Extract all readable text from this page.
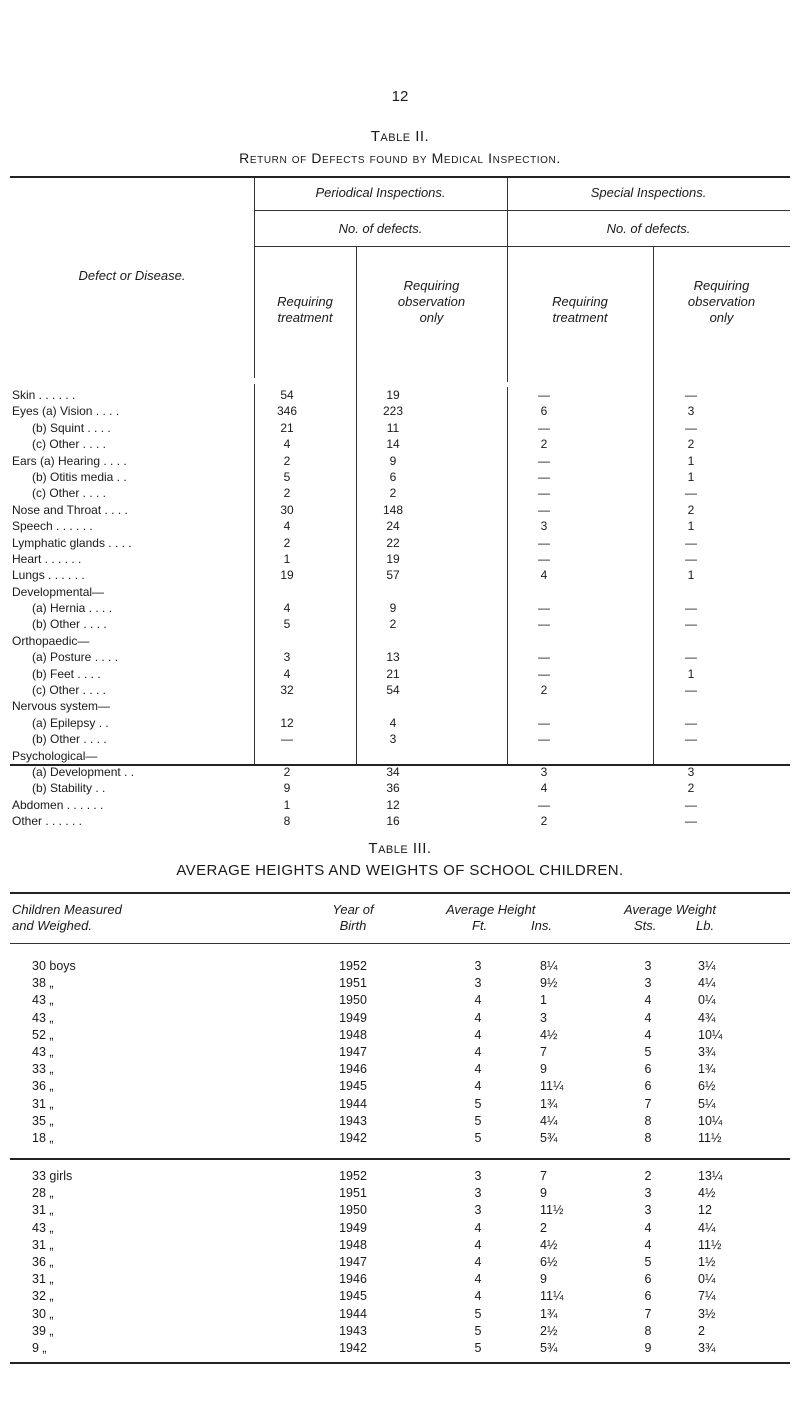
12
Table II.
Return of Defects found by Medical Inspection.
Defect or Disease.
Periodical Inspections.	Special Inspections.
No. of defects.	No. of defects.
Requiring
treatment
Requiring
observation
only
Requiring
treatment
Requiring
observation
only
Skin . . . . . .	54	19	—	—
Eyes (a) Vision . . . .	346	223	6	3
(b) Squint . . . .	21	11	—	—
(c) Other . . . .	4	14	2	2
Ears (a) Hearing . . . .	2	9	—	1
(b) Otitis media . .	5	6	—	1
(c) Other . . . .	2	2	—	—
Nose and Throat . . . .	30	148	—	2
Speech . . . . . .	4	24	3	1
Lymphatic glands . . . .	2	22	—	—
Heart . . . . . .	1	19	—	—
Lungs . . . . . .	19	57	4	1
Developmental—
(a) Hernia . . . .	4	9	—	—
(b) Other . . . .	5	2	—	—
Orthopaedic—
(a) Posture . . . .	3	13	—	—
(b) Feet . . . .	4	21	—	1
(c) Other . . . .	32	54	2	—
Nervous system—
(a) Epilepsy . .	12	4	—	—
(b) Other . . . .	—	3	—	—
Psychological—
(a) Development . .	2	34	3	3
(b) Stability . .	9	36	4	2
Abdomen . . . . . .	1	12	—	—
Other . . . . . .	8	16	2	—
Table III.
AVERAGE HEIGHTS AND WEIGHTS OF SCHOOL CHILDREN.
Children Measured
and Weighed.
Year of
Birth
Average Height
Ft.	Ins.
Average Weight
Sts.	Lb.
30 boys	1952	3	8¼	3	3¼
38 „	1951	3	9½	3	4¼
43 „	1950	4	1	4	0¼
43 „	1949	4	3	4	4¾
52 „	1948	4	4½	4	10¼
43 „	1947	4	7	5	3¾
33 „	1946	4	9	6	1¾
36 „	1945	4	11¼	6	6½
31 „	1944	5	1¾	7	5¼
35 „	1943	5	4¼	8	10¼
18 „	1942	5	5¾	8	11½
33 girls	1952	3	7	2	13¼
28 „	1951	3	9	3	4½
31 „	1950	3	11½	3	12
43 „	1949	4	2	4	4¼
31 „	1948	4	4½	4	11½
36 „	1947	4	6½	5	1½
31 „	1946	4	9	6	0¼
32 „	1945	4	11¼	6	7¼
30 „	1944	5	1¾	7	3½
39 „	1943	5	2½	8	2
9 „	1942	5	5¾	9	3¾
